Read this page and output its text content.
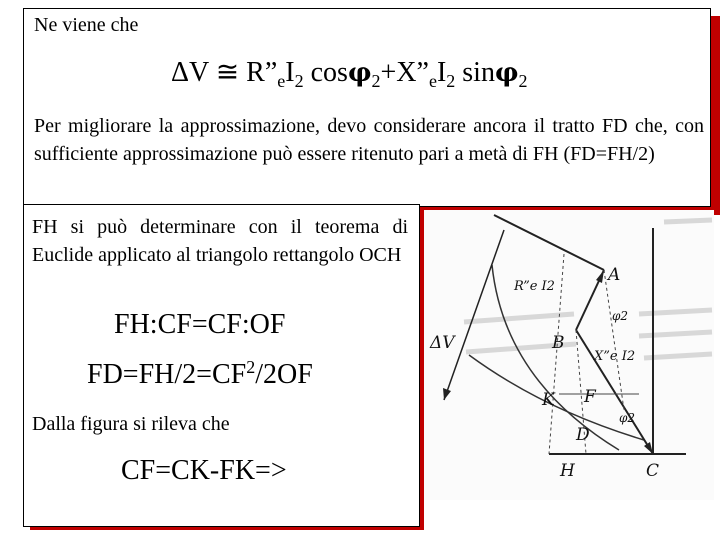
Ne viene che
ΔV ≅ $R”_eI_2$ $\cos\varphi_2+X”_eI_2$ sinφ$_2$
Per migliorare la approssimazione, devo considerare ancora il tratto FD che, con sufficiente approssimazione può essere ritenuto pari a metà di FH (FD=FH/2)
FH si può determinare con il teorema di Euclide applicato al triangolo rettangolo OCH
FH:CF=CF:OF
$FD=FH/2=CF^2/2OF$
Dalla figura si rileva che
CF=CK-FK=>
A
B
K F
D
H	C
ΔV
R”e I2
X”e I2
φ2
φ2
